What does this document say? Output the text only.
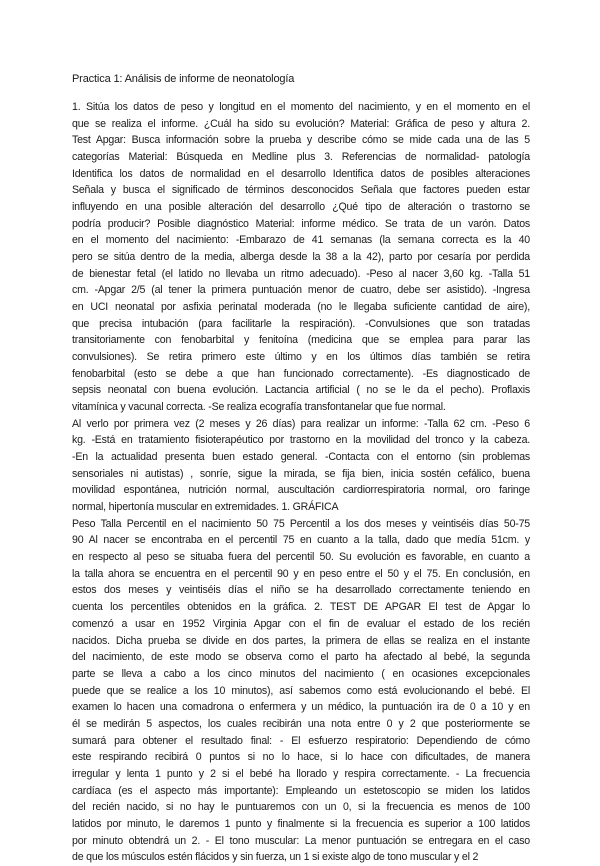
Practica 1: Análisis de informe de neonatología
1. Sitúa los datos de peso y longitud en el momento del nacimiento, y en el momento en el
que se realiza el informe. ¿Cuál ha sido su evolución? Material: Gráfica de peso y altura 2.
Test Apgar: Busca información sobre la prueba y describe cómo se mide cada una de las 5
categorías Material: Búsqueda en Medline plus 3. Referencias de normalidad- patología
Identifica los datos de normalidad en el desarrollo Identifica datos de posibles alteraciones
Señala y busca el significado de términos desconocidos Señala que factores pueden estar
influyendo en una posible alteración del desarrollo ¿Qué tipo de alteración o trastorno se
podría producir? Posible diagnóstico Material: informe médico. Se trata de un varón. Datos
en el momento del nacimiento: -Embarazo de 41 semanas (la semana correcta es la 40
pero se sitúa dentro de la media, alberga desde la 38 a la 42), parto por cesaría por perdida
de bienestar fetal (el latido no llevaba un ritmo adecuado). -Peso al nacer 3,60 kg. -Talla 51
cm. -Apgar 2/5 (al tener la primera puntuación menor de cuatro, debe ser asistido). -Ingresa
en UCI neonatal por asfixia perinatal moderada (no le llegaba suficiente cantidad de aire),
que precisa intubación (para facilitarle la respiración). -Convulsiones que son tratadas
transitoriamente con fenobarbital y fenitoína (medicina que se emplea para parar las
convulsiones). Se retira primero este último y en los últimos días también se retira
fenobarbital (esto se debe a que han funcionado correctamente). -Es diagnosticado de
sepsis neonatal con buena evolución. Lactancia artificial ( no se le da el pecho). Proflaxis
vitamínica y vacunal correcta. -Se realiza ecografía transfontanelar que fue normal.
Al verlo por primera vez (2 meses y 26 días) para realizar un informe: -Talla 62 cm. -Peso 6
kg. -Está en tratamiento fisioterapéutico por trastorno en la movilidad del tronco y la cabeza.
-En la actualidad presenta buen estado general. -Contacta con el entorno (sin problemas
sensoriales ni autistas) , sonríe, sigue la mirada, se fija bien, inicia sostén cefálico, buena
movilidad espontánea, nutrición normal, auscultación cardiorrespiratoria normal, oro faringe
normal, hipertonía muscular en extremidades. 1. GRÁFICA
Peso Talla Percentil en el nacimiento 50 75 Percentil a los dos meses y veintiséis días 50-75
90 Al nacer se encontraba en el percentil 75 en cuanto a la talla, dado que medía 51cm. y
en respecto al peso se situaba fuera del percentil 50. Su evolución es favorable, en cuanto a
la talla ahora se encuentra en el percentil 90 y en peso entre el 50 y el 75. En conclusión, en
estos dos meses y veintiséis días el niño se ha desarrollado correctamente teniendo en
cuenta los percentiles obtenidos en la gráfica. 2. TEST DE APGAR El test de Apgar lo
comenzó a usar en 1952 Virginia Apgar con el fin de evaluar el estado de los recién
nacidos. Dicha prueba se divide en dos partes, la primera de ellas se realiza en el instante
del nacimiento, de este modo se observa como el parto ha afectado al bebé, la segunda
parte se lleva a cabo a los cinco minutos del nacimiento ( en ocasiones excepcionales
puede que se realice a los 10 minutos), así sabemos como está evolucionando el bebé. El
examen lo hacen una comadrona o enfermera y un médico, la puntuación ira de 0 a 10 y en
él se medirán 5 aspectos, los cuales recibirán una nota entre 0 y 2 que posteriormente se
sumará para obtener el resultado final: - El esfuerzo respiratorio: Dependiendo de cómo
este respirando recibirá 0 puntos si no lo hace, si lo hace con dificultades, de manera
irregular y lenta 1 punto y 2 si el bebé ha llorado y respira correctamente. - La frecuencia
cardíaca (es el aspecto más importante): Empleando un estetoscopio se miden los latidos
del recién nacido, si no hay le puntuaremos con un 0, si la frecuencia es menos de 100
latidos por minuto, le daremos 1 punto y finalmente si la frecuencia es superior a 100 latidos
por minuto obtendrá un 2. - El tono muscular: La menor puntuación se entregara en el caso
de que los músculos estén flácidos y sin fuerza, un 1 si existe algo de tono muscular y el 2
